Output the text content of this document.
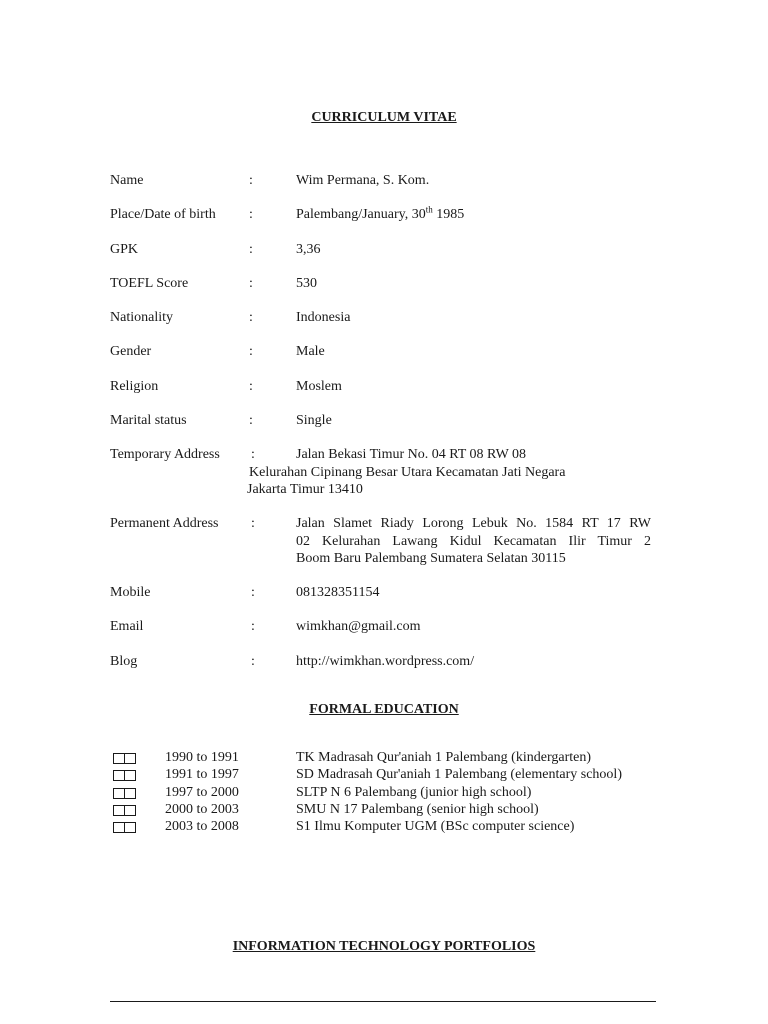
CURRICULUM VITAE
Name	:	Wim Permana, S. Kom.
Place/Date of birth :	Palembang/January, 30th 1985
GPK	:	3,36
TOEFL Score	:	530
Nationality	:	Indonesia
Gender	:	Male
Religion	:	Moslem
Marital status	:	Single
Temporary Address :	Jalan Bekasi Timur No. 04 RT 08 RW 08
Kelurahan Cipinang Besar Utara Kecamatan Jati Negara
Jakarta Timur 13410
Permanent Address :	Jalan Slamet Riady Lorong Lebuk No. 1584 RT 17 RW
02 Kelurahan Lawang Kidul Kecamatan Ilir Timur 2
Boom Baru Palembang Sumatera Selatan 30115
Mobile	:	081328351154
Email	:	wimkhan@gmail.com
Blog	:	http://wimkhan.wordpress.com/
FORMAL EDUCATION
1990 to 1991	TK Madrasah Qur'aniah 1 Palembang (kindergarten)
1991 to 1997	SD Madrasah Qur'aniah 1 Palembang (elementary school)
1997 to 2000	SLTP N 6 Palembang (junior high school)
2000 to 2003	SMU N 17 Palembang (senior high school)
2003 to 2008	S1 Ilmu Komputer UGM (BSc computer science)
INFORMATION TECHNOLOGY PORTFOLIOS
